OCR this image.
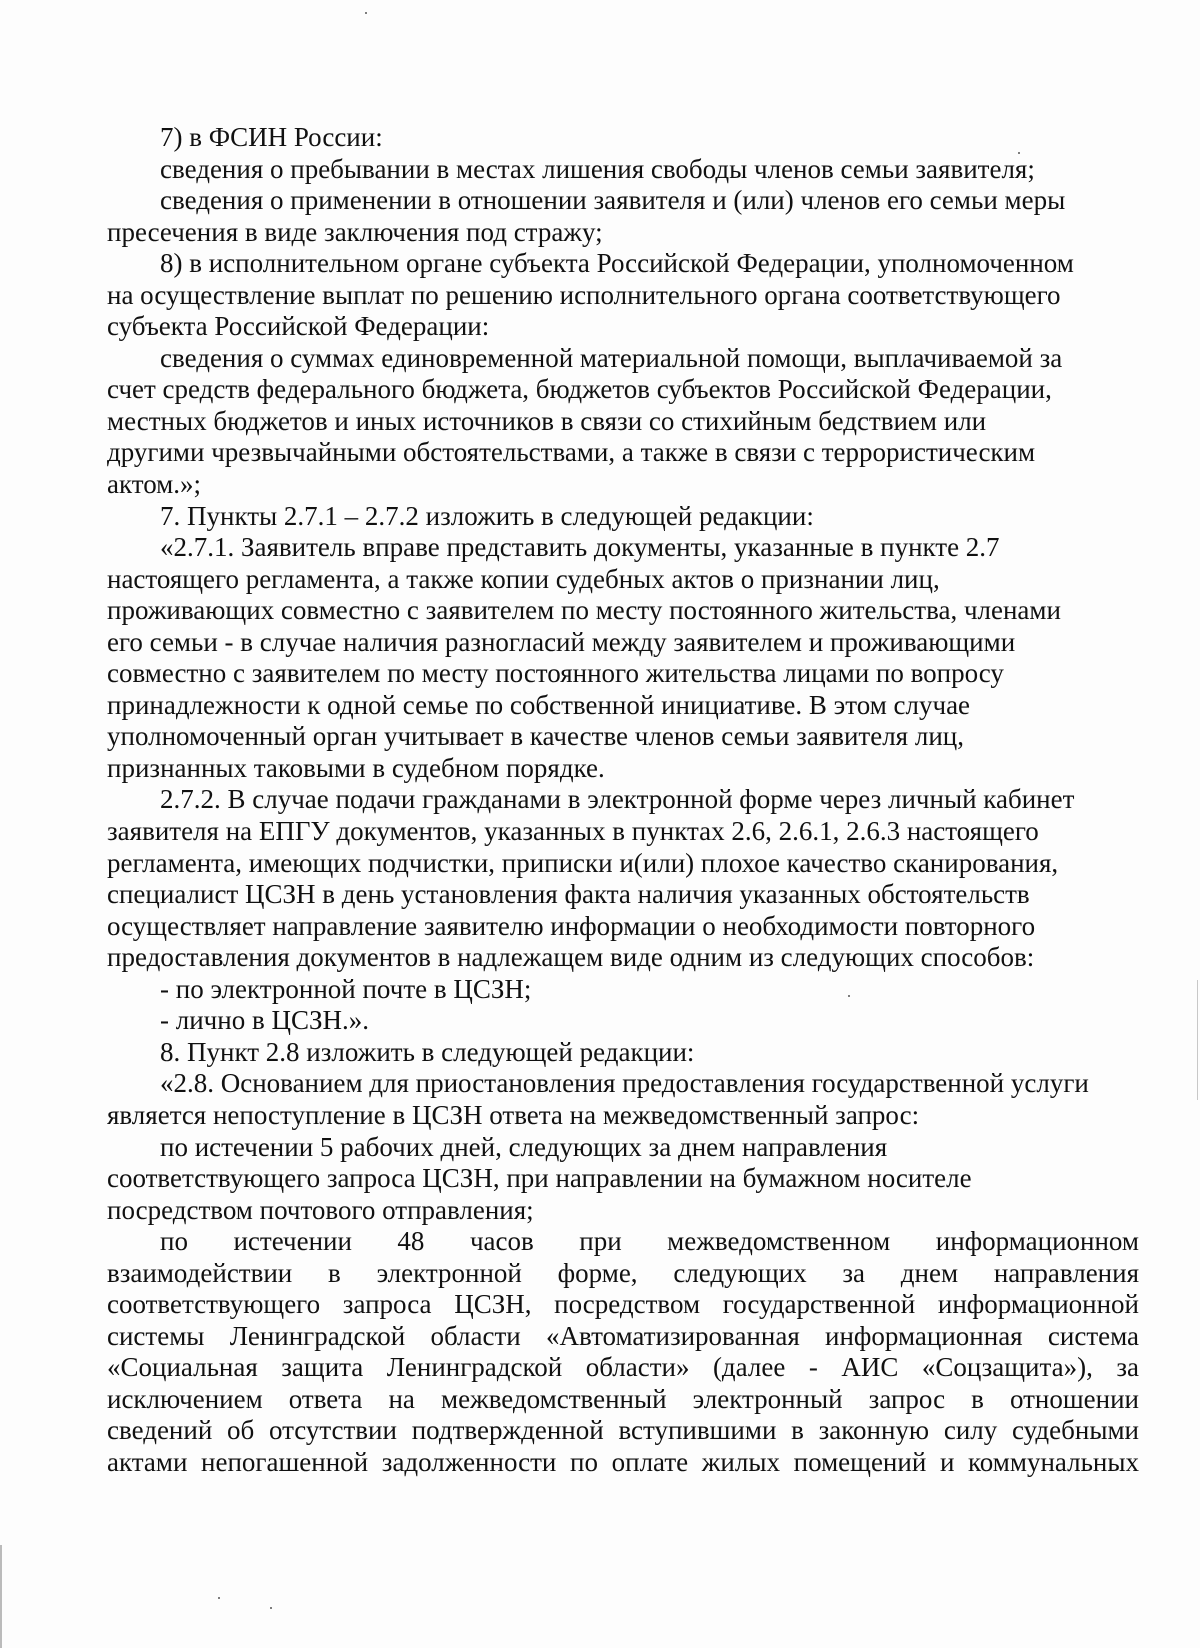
7) в ФСИН России:

сведения о пребывании в местах лишения свободы членов семьи заявителя;

сведения о применении в отношении заявителя и (или) членов его семьи меры
пресечения в виде заключения под стражу;

8) в исполнительном органе субъекта Российской Федерации, уполномоченном
на осуществление выплат по решению исполнительного органа соответствующего
субъекта Российской Федерации:

сведения о суммах единовременной материальной помощи, выплачиваемой за
счет средств федерального бюджета, бюджетов субъектов Российской Федерации,
местных бюджетов и иных источников в связи со стихийным бедствием или
другими чрезвычайными обстоятельствами, а также в связи с террористическим
актом.»;

7. Пункты 2.7.1 – 2.7.2 изложить в следующей редакции:

«2.7.1. Заявитель вправе представить документы, указанные в пункте 2.7
настоящего регламента, а также копии судебных актов о признании лиц,
проживающих совместно с заявителем по месту постоянного жительства, членами
его семьи - в случае наличия разногласий между заявителем и проживающими
совместно с заявителем по месту постоянного жительства лицами по вопросу
принадлежности к одной семье по собственной инициативе. В этом случае
уполномоченный орган учитывает в качестве членов семьи заявителя лиц,
признанных таковыми в судебном порядке.

2.7.2. В случае подачи гражданами в электронной форме через личный кабинет
заявителя на ЕПГУ документов, указанных в пунктах 2.6, 2.6.1, 2.6.3 настоящего
регламента, имеющих подчистки, приписки и(или) плохое качество сканирования,
специалист ЦСЗН в день установления факта наличия указанных обстоятельств
осуществляет направление заявителю информации о необходимости повторного
предоставления документов в надлежащем виде одним из следующих способов:

- по электронной почте в ЦСЗН;

- лично в ЦСЗН.».

8. Пункт 2.8 изложить в следующей редакции:

«2.8. Основанием для приостановления предоставления государственной услуги
является непоступление в ЦСЗН ответа на межведомственный запрос:

по истечении 5 рабочих дней, следующих за днем направления
соответствующего запроса ЦСЗН, при направлении на бумажном носителе
посредством почтового отправления;

по истечении 48 часов при межведомственном информационном
взаимодействии в электронной форме, следующих за днем направления
соответствующего запроса ЦСЗН, посредством государственной информационной
системы Ленинградской области «Автоматизированная информационная система
«Социальная защита Ленинградской области» (далее - АИС «Соцзащита»), за
исключением ответа на межведомственный электронный запрос в отношении
сведений об отсутствии подтвержденной вступившими в законную силу судебными
актами непогашенной задолженности по оплате жилых помещений и коммунальных
